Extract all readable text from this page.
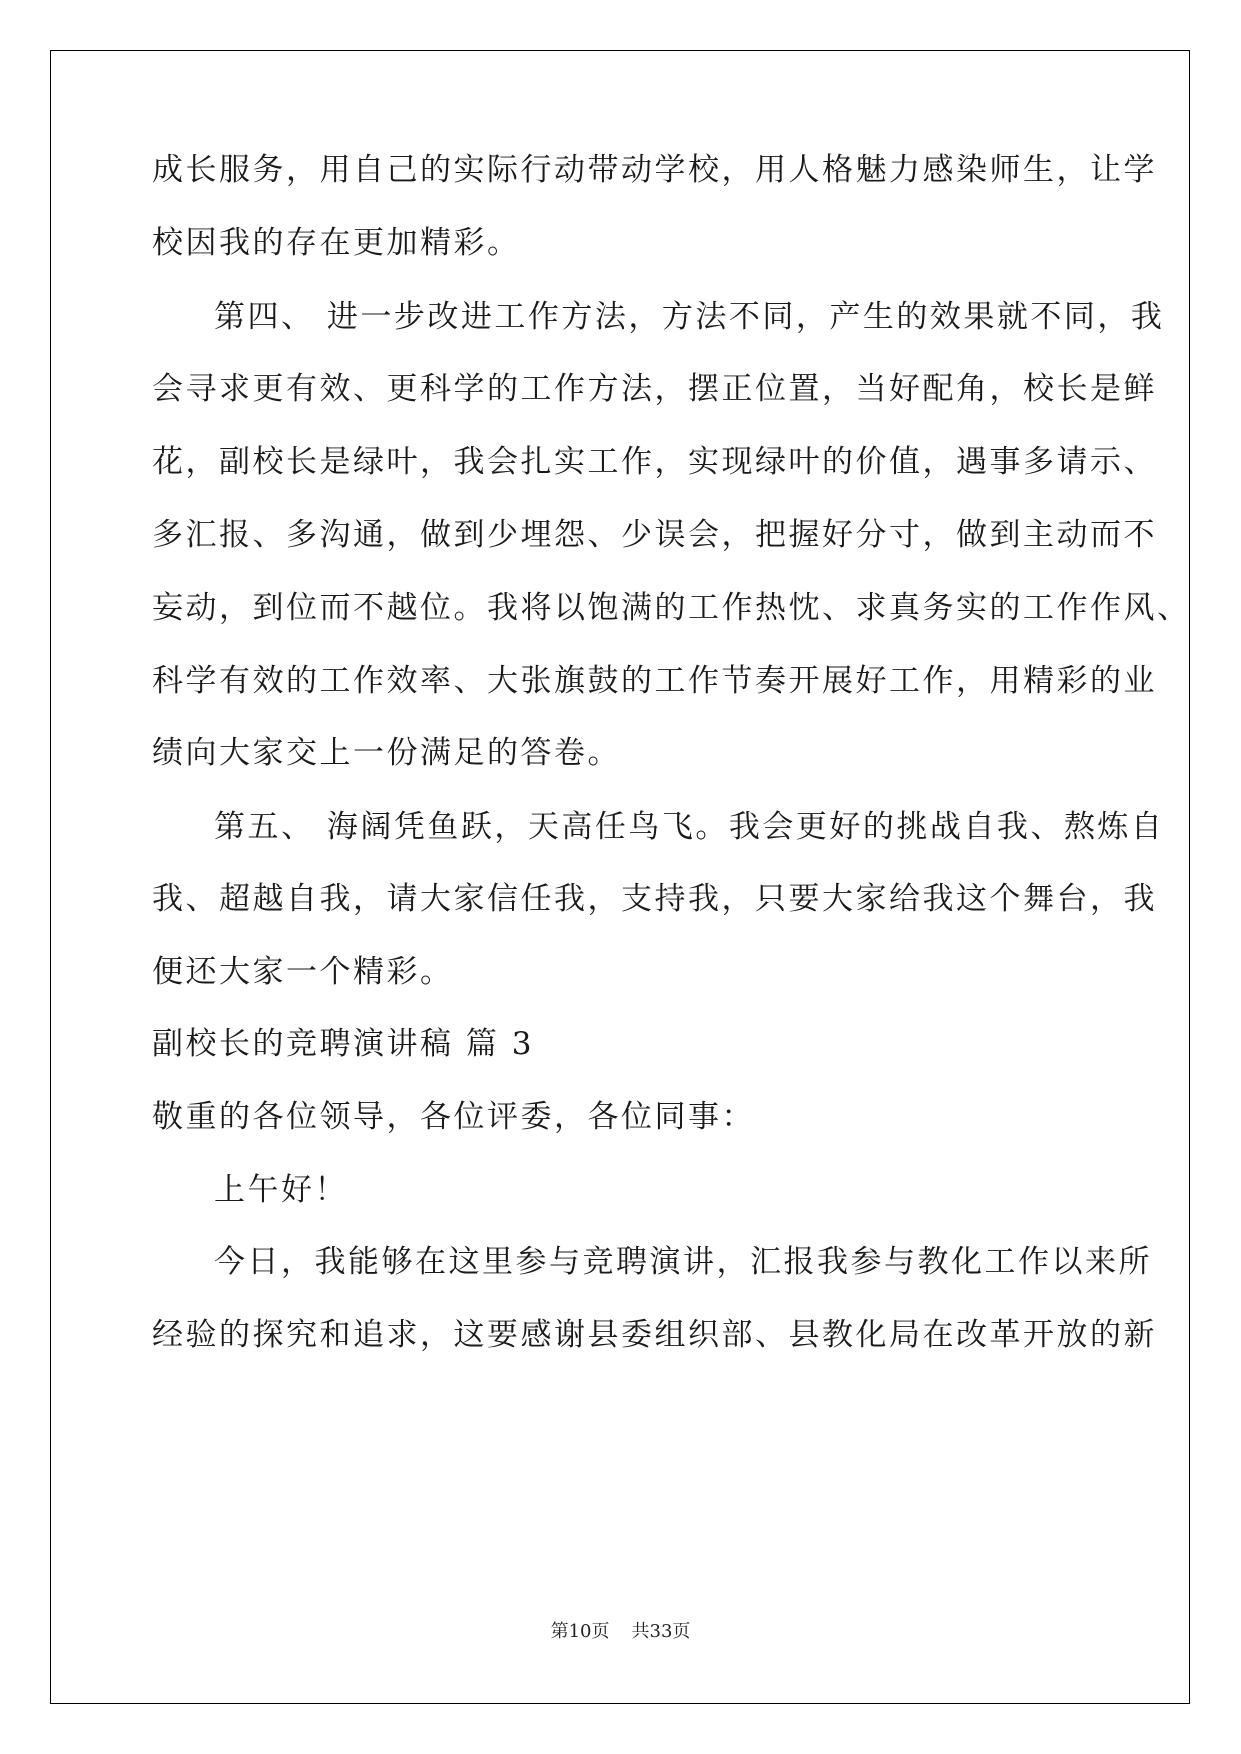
成长服务，用自己的实际行动带动学校，用人格魅力感染师生，让学
校因我的存在更加精彩。
第四、 进一步改进工作方法，方法不同，产生的效果就不同，我
会寻求更有效、更科学的工作方法，摆正位置，当好配角，校长是鲜
花，副校长是绿叶，我会扎实工作，实现绿叶的价值，遇事多请示、
多汇报、多沟通，做到少埋怨、少误会，把握好分寸，做到主动而不
妄动，到位而不越位。我将以饱满的工作热忱、求真务实的工作作风、
科学有效的工作效率、大张旗鼓的工作节奏开展好工作，用精彩的业
绩向大家交上一份满足的答卷。
第五、 海阔凭鱼跃，天高任鸟飞。我会更好的挑战自我、熬炼自
我、超越自我，请大家信任我，支持我，只要大家给我这个舞台，我
便还大家一个精彩。
副校长的竞聘演讲稿 篇 3
敬重的各位领导，各位评委，各位同事：
上午好！
今日，我能够在这里参与竞聘演讲，汇报我参与教化工作以来所
经验的探究和追求，这要感谢县委组织部、县教化局在改革开放的新
第10页 共33页
